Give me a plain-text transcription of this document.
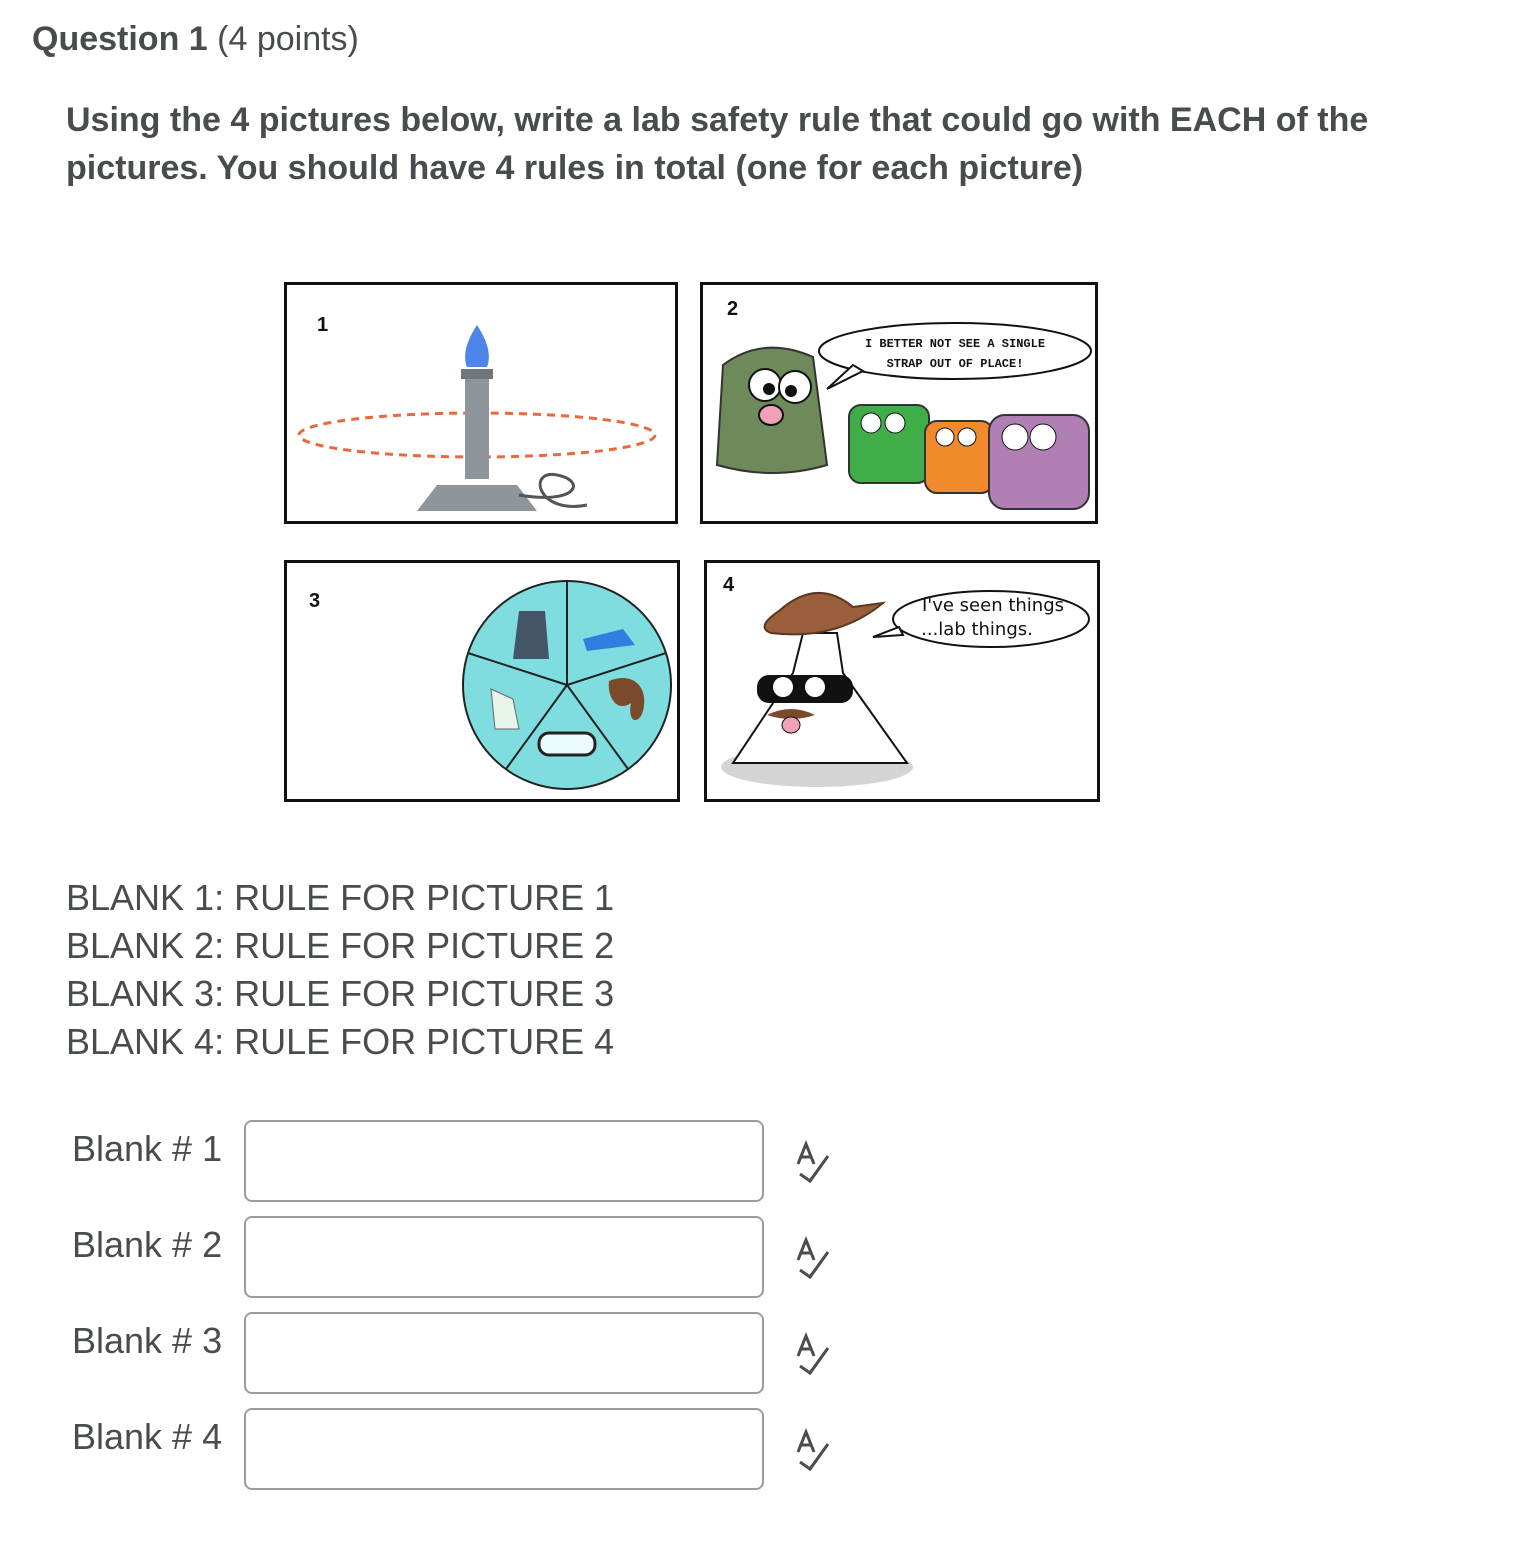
Question 1 (4 points)
Using the 4 pictures below, write a lab safety rule that could go with EACH of the pictures. You should have 4 rules in total (one for each picture)
1
2
I BETTER NOT SEE A SINGLE
STRAP OUT OF PLACE!
3
4
I've seen things
...lab things.
BLANK 1: RULE FOR PICTURE 1
BLANK 2: RULE FOR PICTURE 2
BLANK 3: RULE FOR PICTURE 3
BLANK 4: RULE FOR PICTURE 4
Blank # 1
Blank # 2
Blank # 3
Blank # 4
